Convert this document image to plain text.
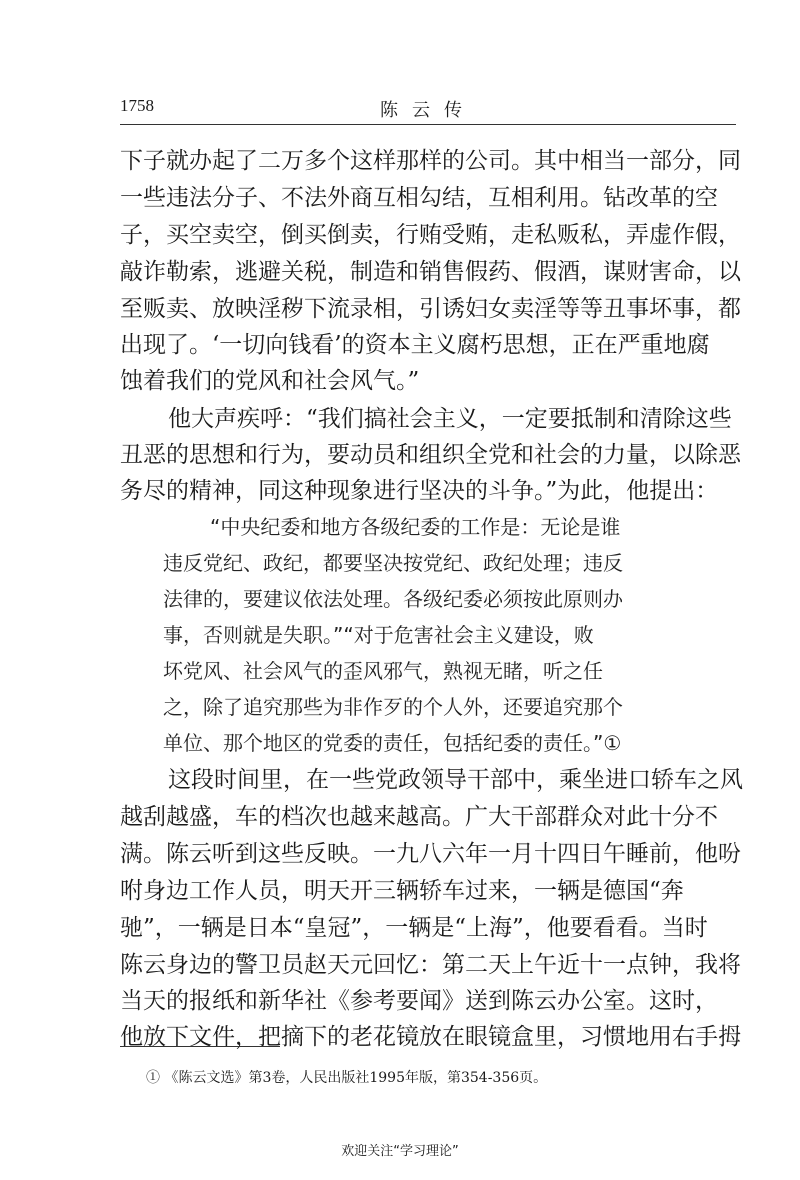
1758	陈云传
下子就办起了二万多个这样那样的公司。其中相当一部分，同
一些违法分子、不法外商互相勾结，互相利用。钻改革的空
子，买空卖空，倒买倒卖，行贿受贿，走私贩私，弄虚作假，
敲诈勒索，逃避关税，制造和销售假药、假酒，谋财害命，以
至贩卖、放映淫秽下流录相，引诱妇女卖淫等等丑事坏事，都
出现了。‘一切向钱看’的资本主义腐朽思想，正在严重地腐
蚀着我们的党风和社会风气。”
他大声疾呼：“我们搞社会主义，一定要抵制和清除这些
丑恶的思想和行为，要动员和组织全党和社会的力量，以除恶
务尽的精神，同这种现象进行坚决的斗争。”为此，他提出：
“中央纪委和地方各级纪委的工作是：无论是谁
违反党纪、政纪，都要坚决按党纪、政纪处理；违反
法律的，要建议依法处理。各级纪委必须按此原则办
事，否则就是失职。”“对于危害社会主义建设，败
坏党风、社会风气的歪风邪气，熟视无睹，听之任
之，除了追究那些为非作歹的个人外，还要追究那个
单位、那个地区的党委的责任，包括纪委的责任。”①
这段时间里，在一些党政领导干部中，乘坐进口轿车之风
越刮越盛，车的档次也越来越高。广大干部群众对此十分不
满。陈云听到这些反映。一九八六年一月十四日午睡前，他吩
咐身边工作人员，明天开三辆轿车过来，一辆是德国“奔
驰”，一辆是日本“皇冠”，一辆是“上海”，他要看看。当时
陈云身边的警卫员赵天元回忆：第二天上午近十一点钟，我将
当天的报纸和新华社《参考要闻》送到陈云办公室。这时，
他放下文件，把摘下的老花镜放在眼镜盒里，习惯地用右手拇
① 《陈云文选》第3卷，人民出版社1995年版，第354-356页。
欢迎关注“学习理论”
